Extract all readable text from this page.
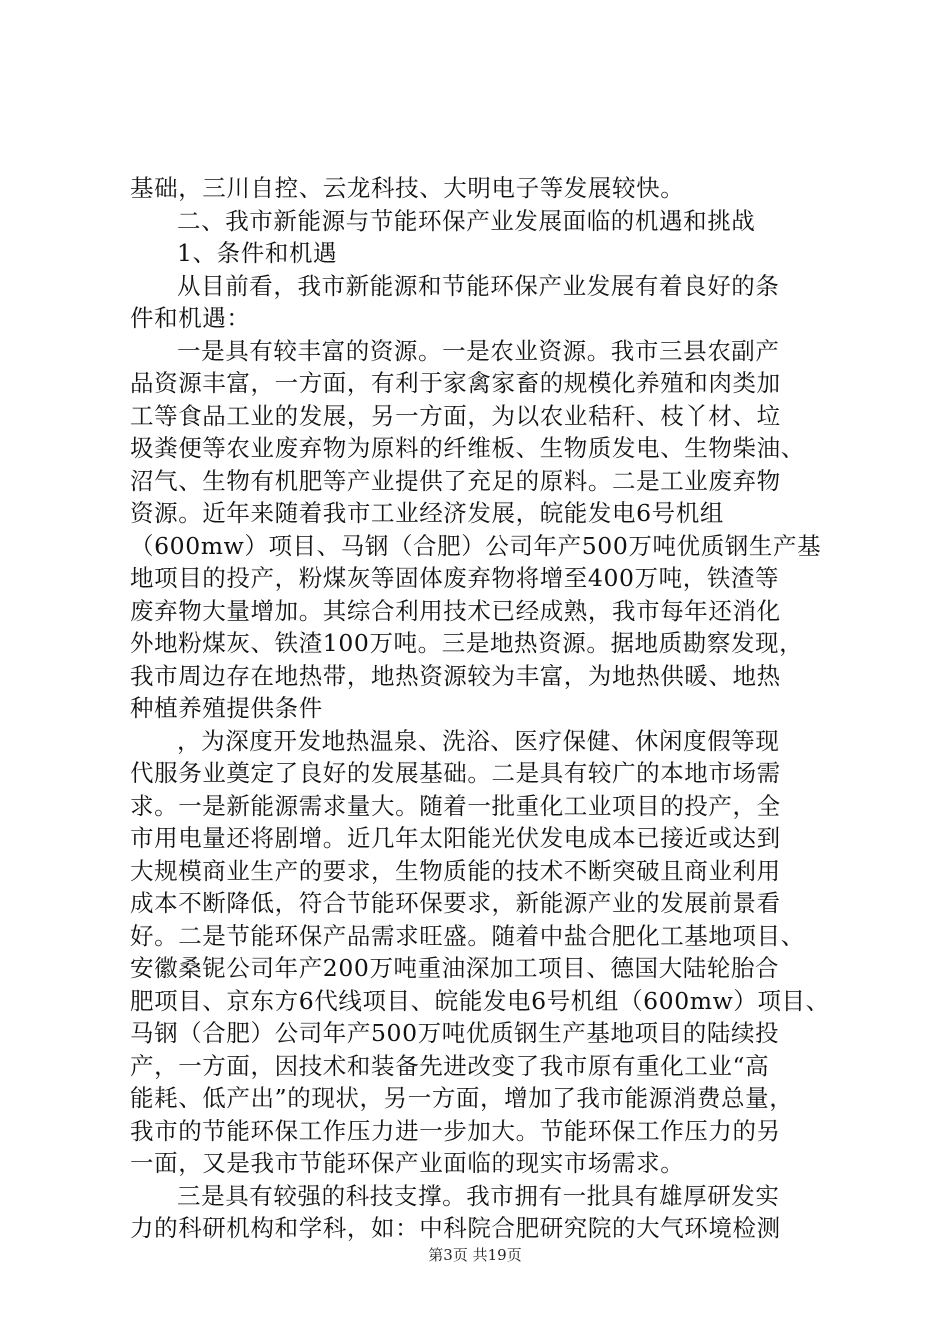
基础，三川自控、云龙科技、大明电子等发展较快。
二、我市新能源与节能环保产业发展面临的机遇和挑战
1、条件和机遇
从目前看，我市新能源和节能环保产业发展有着良好的条
件和机遇：
一是具有较丰富的资源。一是农业资源。我市三县农副产
品资源丰富，一方面，有利于家禽家畜的规模化养殖和肉类加
工等食品工业的发展，另一方面，为以农业秸秆、枝丫材、垃
圾粪便等农业废弃物为原料的纤维板、生物质发电、生物柴油、
沼气、生物有机肥等产业提供了充足的原料。二是工业废弃物
资源。近年来随着我市工业经济发展，皖能发电6号机组
（600mw）项目、马钢（合肥）公司年产500万吨优质钢生产基
地项目的投产，粉煤灰等固体废弃物将增至400万吨，铁渣等
废弃物大量增加。其综合利用技术已经成熟，我市每年还消化
外地粉煤灰、铁渣100万吨。三是地热资源。据地质勘察发现，
我市周边存在地热带，地热资源较为丰富，为地热供暖、地热
种植养殖提供条件
，为深度开发地热温泉、洗浴、医疗保健、休闲度假等现
代服务业奠定了良好的发展基础。二是具有较广的本地市场需
求。一是新能源需求量大。随着一批重化工业项目的投产，全
市用电量还将剧增。近几年太阳能光伏发电成本已接近或达到
大规模商业生产的要求，生物质能的技术不断突破且商业利用
成本不断降低，符合节能环保要求，新能源产业的发展前景看
好。二是节能环保产品需求旺盛。随着中盐合肥化工基地项目、
安徽桑铌公司年产200万吨重油深加工项目、德国大陆轮胎合
肥项目、京东方6代线项目、皖能发电6号机组（600mw）项目、
马钢（合肥）公司年产500万吨优质钢生产基地项目的陆续投
产，一方面，因技术和装备先进改变了我市原有重化工业“高
能耗、低产出”的现状，另一方面，增加了我市能源消费总量，
我市的节能环保工作压力进一步加大。节能环保工作压力的另
一面，又是我市节能环保产业面临的现实市场需求。
三是具有较强的科技支撑。我市拥有一批具有雄厚研发实
力的科研机构和学科，如：中科院合肥研究院的大气环境检测
第3页 共19页
